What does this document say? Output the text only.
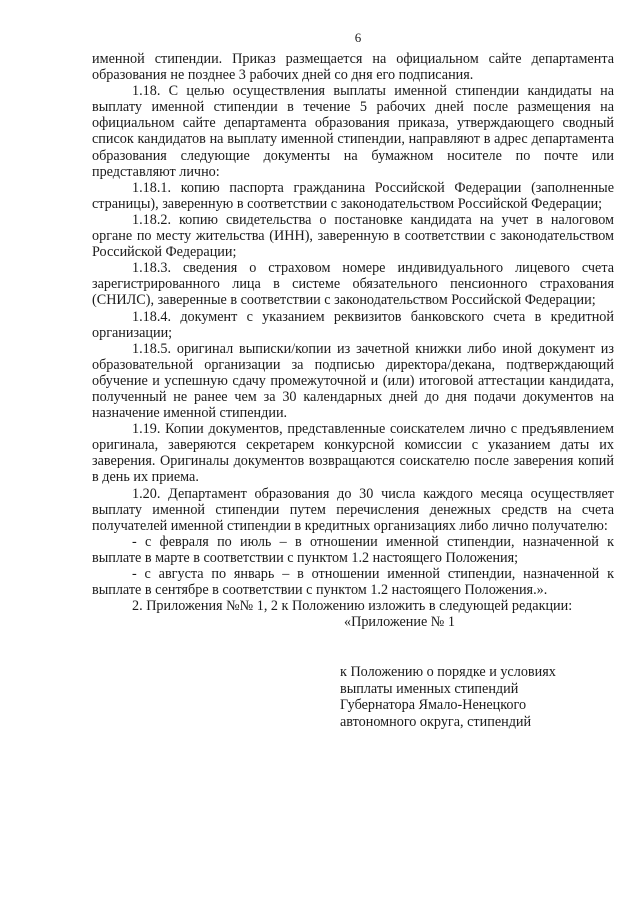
6

именной стипендии. Приказ размещается на официальном сайте департамента образования не позднее 3 рабочих дней со дня его подписания.

1.18. С целью осуществления выплаты именной стипендии кандидаты на выплату именной стипендии в течение 5 рабочих дней после размещения на официальном сайте департамента образования приказа, утверждающего сводный список кандидатов на выплату именной стипендии, направляют в адрес департамента образования следующие документы на бумажном носителе по почте или представляют лично:

1.18.1. копию паспорта гражданина Российской Федерации (заполненные страницы), заверенную в соответствии с законодательством Российской Федерации;

1.18.2. копию свидетельства о постановке кандидата на учет в налоговом органе по месту жительства (ИНН), заверенную в соответствии с законодательством Российской Федерации;

1.18.3. сведения о страховом номере индивидуального лицевого счета зарегистрированного лица в системе обязательного пенсионного страхования (СНИЛС), заверенные в соответствии с законодательством Российской Федерации;

1.18.4. документ с указанием реквизитов банковского счета в кредитной организации;

1.18.5. оригинал выписки/копии из зачетной книжки либо иной документ из образовательной организации за подписью директора/декана, подтверждающий обучение и успешную сдачу промежуточной и (или) итоговой аттестации кандидата, полученный не ранее чем за 30 календарных дней до дня подачи документов на назначение именной стипендии.

1.19. Копии документов, представленные соискателем лично с предъявлением оригинала, заверяются секретарем конкурсной комиссии с указанием даты их заверения. Оригиналы документов возвращаются соискателю после заверения копий в день их приема.

1.20. Департамент образования до 30 числа каждого месяца осуществляет выплату именной стипендии путем перечисления денежных средств на счета получателей именной стипендии в кредитных организациях либо лично получателю:

- с февраля по июль – в отношении именной стипендии, назначенной к выплате в марте в соответствии с пунктом 1.2 настоящего Положения;

- с августа по январь – в отношении именной стипендии, назначенной к выплате в сентябре в соответствии с пунктом 1.2 настоящего Положения.».

2. Приложения №№ 1, 2 к Положению изложить в следующей редакции:

«Приложение № 1

к Положению о порядке и условиях
выплаты именных стипендий
Губернатора Ямало-Ненецкого
автономного округа, стипендий
